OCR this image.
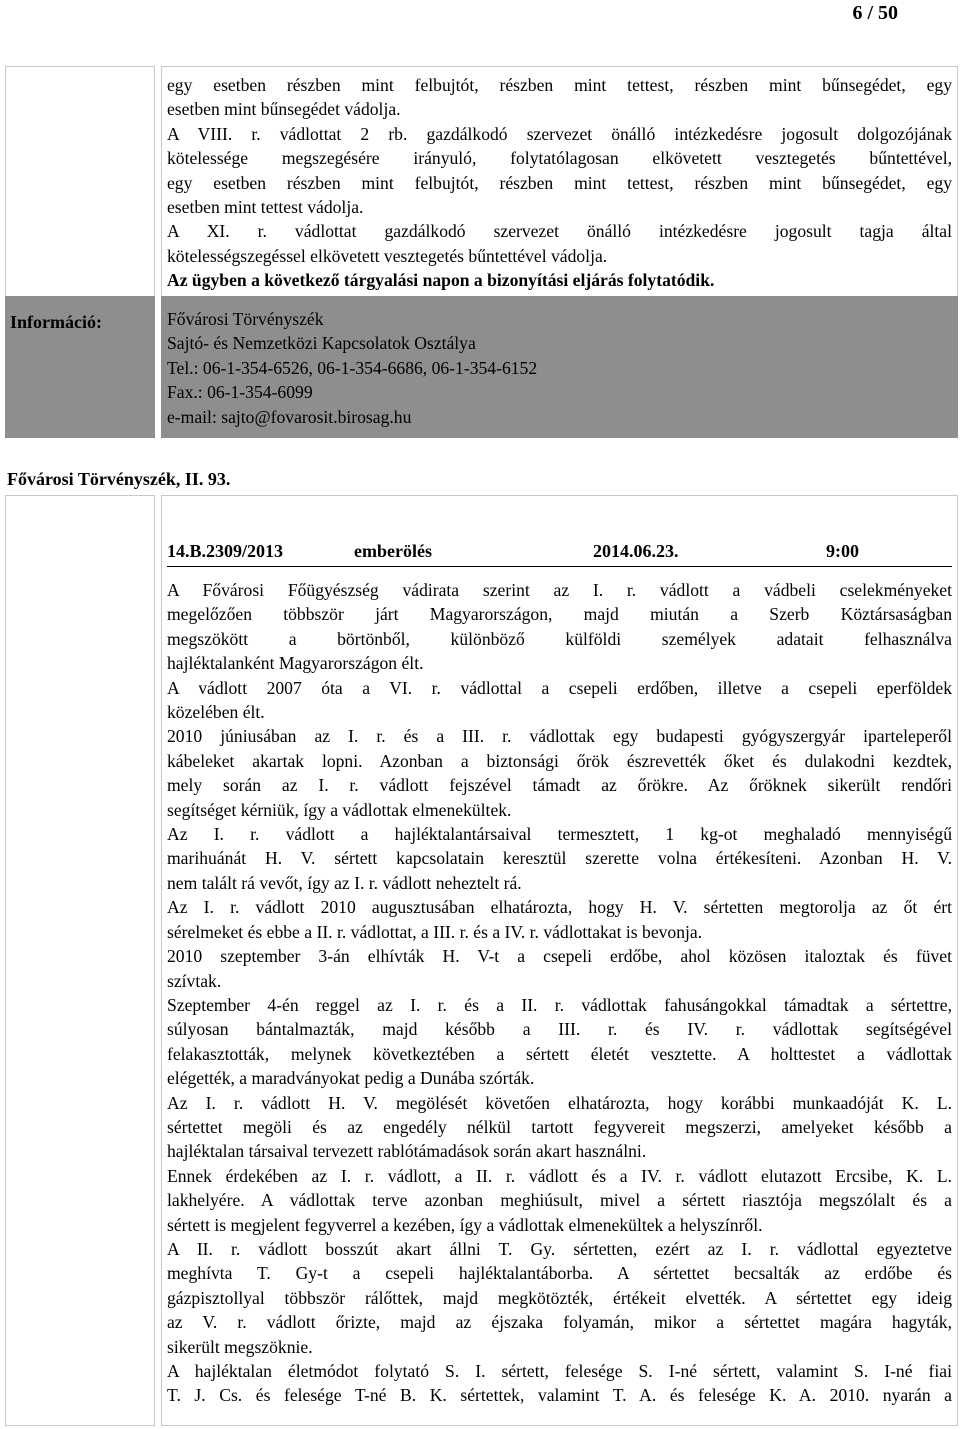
6 / 50
Információ:
egy esetben részben mint felbujtót, részben mint tettest, részben mint bűnsegédet, egy
esetben mint bűnsegédet vádolja.
A VIII. r. vádlottat 2 rb. gazdálkodó szervezet önálló intézkedésre jogosult dolgozójának
kötelessége megszegésére irányuló, folytatólagosan elkövetett vesztegetés bűntettével,
egy esetben részben mint felbujtót, részben mint tettest, részben mint bűnsegédet, egy
esetben mint tettest vádolja.
A XI. r. vádlottat gazdálkodó szervezet önálló intézkedésre jogosult tagja által
kötelességszegéssel elkövetett vesztegetés bűntettével vádolja.
Az ügyben a következő tárgyalási napon a bizonyítási eljárás folytatódik.
Fővárosi Törvényszék
Sajtó- és Nemzetközi Kapcsolatok Osztálya
Tel.: 06-1-354-6526, 06-1-354-6686, 06-1-354-6152
Fax.: 06-1-354-6099
e-mail: sajto@fovarosit.birosag.hu
Fővárosi Törvényszék, II. 93.
14.B.2309/2013	emberölés	2014.06.23.	9:00
A Fővárosi Főügyészség vádirata szerint az I. r. vádlott a vádbeli cselekményeket
megelőzően többször járt Magyarországon, majd miután a Szerb Köztársaságban
megszökött a börtönből, különböző külföldi személyek adatait felhasználva
hajléktalanként Magyarországon élt.
A vádlott 2007 óta a VI. r. vádlottal a csepeli erdőben, illetve a csepeli eperföldek
közelében élt.
2010 júniusában az I. r. és a III. r. vádlottak egy budapesti gyógyszergyár iparteleperől
kábeleket akartak lopni. Azonban a biztonsági őrök észrevették őket és dulakodni kezdtek,
mely során az I. r. vádlott fejszével támadt az őrökre. Az őröknek sikerült rendőri
segítséget kérniük, így a vádlottak elmenekültek.
Az I. r. vádlott a hajléktalantársaival termesztett, 1 kg-ot meghaladó mennyiségű
marihuánát H. V. sértett kapcsolatain keresztül szerette volna értékesíteni. Azonban H. V.
nem talált rá vevőt, így az I. r. vádlott neheztelt rá.
Az I. r. vádlott 2010 augusztusában elhatározta, hogy H. V. sértetten megtorolja az őt ért
sérelmeket és ebbe a II. r. vádlottat, a III. r. és a IV. r. vádlottakat is bevonja.
2010 szeptember 3-án elhívták H. V-t a csepeli erdőbe, ahol közösen italoztak és füvet
szívtak.
Szeptember 4-én reggel az I. r. és a II. r. vádlottak fahusángokkal támadtak a sértettre,
súlyosan bántalmazták, majd később a III. r. és IV. r. vádlottak segítségével
felakasztották, melynek következtében a sértett életét vesztette. A holttestet a vádlottak
elégették, a maradványokat pedig a Dunába szórták.
Az I. r. vádlott H. V. megölését követően elhatározta, hogy korábbi munkaadóját K. L.
sértettet megöli és az engedély nélkül tartott fegyvereit megszerzi, amelyeket később a
hajléktalan társaival tervezett rablótámadások során akart használni.
Ennek érdekében az I. r. vádlott, a II. r. vádlott és a IV. r. vádlott elutazott Ercsibe, K. L.
lakhelyére. A vádlottak terve azonban meghiúsult, mivel a sértett riasztója megszólalt és a
sértett is megjelent fegyverrel a kezében, így a vádlottak elmenekültek a helyszínről.
A II. r. vádlott bosszút akart állni T. Gy. sértetten, ezért az I. r. vádlottal egyeztetve
meghívta T. Gy-t a csepeli hajléktalantáborba. A sértettet becsalták az erdőbe és
gázpisztollyal többször rálőttek, majd megkötözték, értékeit elvették. A sértettet egy ideig
az V. r. vádlott őrizte, majd az éjszaka folyamán, mikor a sértettet magára hagyták,
sikerült megszöknie.
A hajléktalan életmódot folytató S. I. sértett, felesége S. I-né sértett, valamint S. I-né fiai
T. J. Cs. és felesége T-né B. K. sértettek, valamint T. A. és felesége K. A. 2010. nyarán a
